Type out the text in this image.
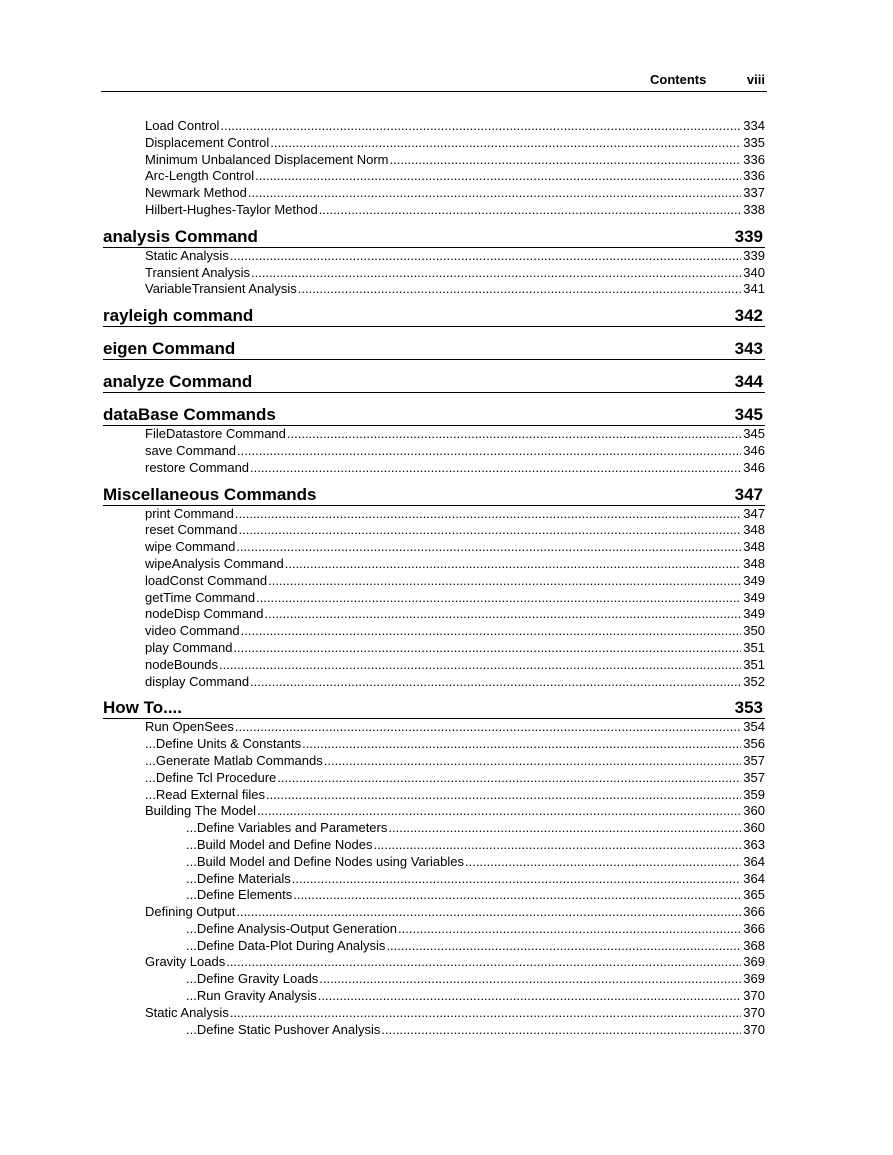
Contents	viii
Load Control .....	334
Displacement Control .....	335
Minimum Unbalanced Displacement Norm .....	336
Arc-Length Control .....	336
Newmark Method .....	337
Hilbert-Hughes-Taylor Method .....	338
analysis Command	339
Static Analysis .....	339
Transient Analysis .....	340
VariableTransient Analysis .....	341
rayleigh command	342
eigen Command	343
analyze Command	344
dataBase Commands	345
FileDatastore Command .....	345
save Command .....	346
restore Command .....	346
Miscellaneous Commands	347
print Command .....	347
reset Command .....	348
wipe Command .....	348
wipeAnalysis Command .....	348
loadConst Command .....	349
getTime Command .....	349
nodeDisp Command .....	349
video Command .....	350
play Command .....	351
nodeBounds .....	351
display Command .....	352
How To....	353
Run OpenSees .....	354
...Define Units & Constants .....	356
...Generate Matlab Commands .....	357
...Define Tcl Procedure .....	357
...Read External files .....	359
Building The Model .....	360
...Define Variables and Parameters .....	360
...Build Model and Define Nodes .....	363
...Build Model and Define Nodes using Variables .....	364
...Define Materials .....	364
...Define Elements .....	365
Defining Output .....	366
...Define Analysis-Output Generation .....	366
...Define Data-Plot During Analysis .....	368
Gravity Loads .....	369
...Define Gravity Loads .....	369
...Run Gravity Analysis .....	370
Static Analysis .....	370
...Define Static Pushover Analysis .....	370
